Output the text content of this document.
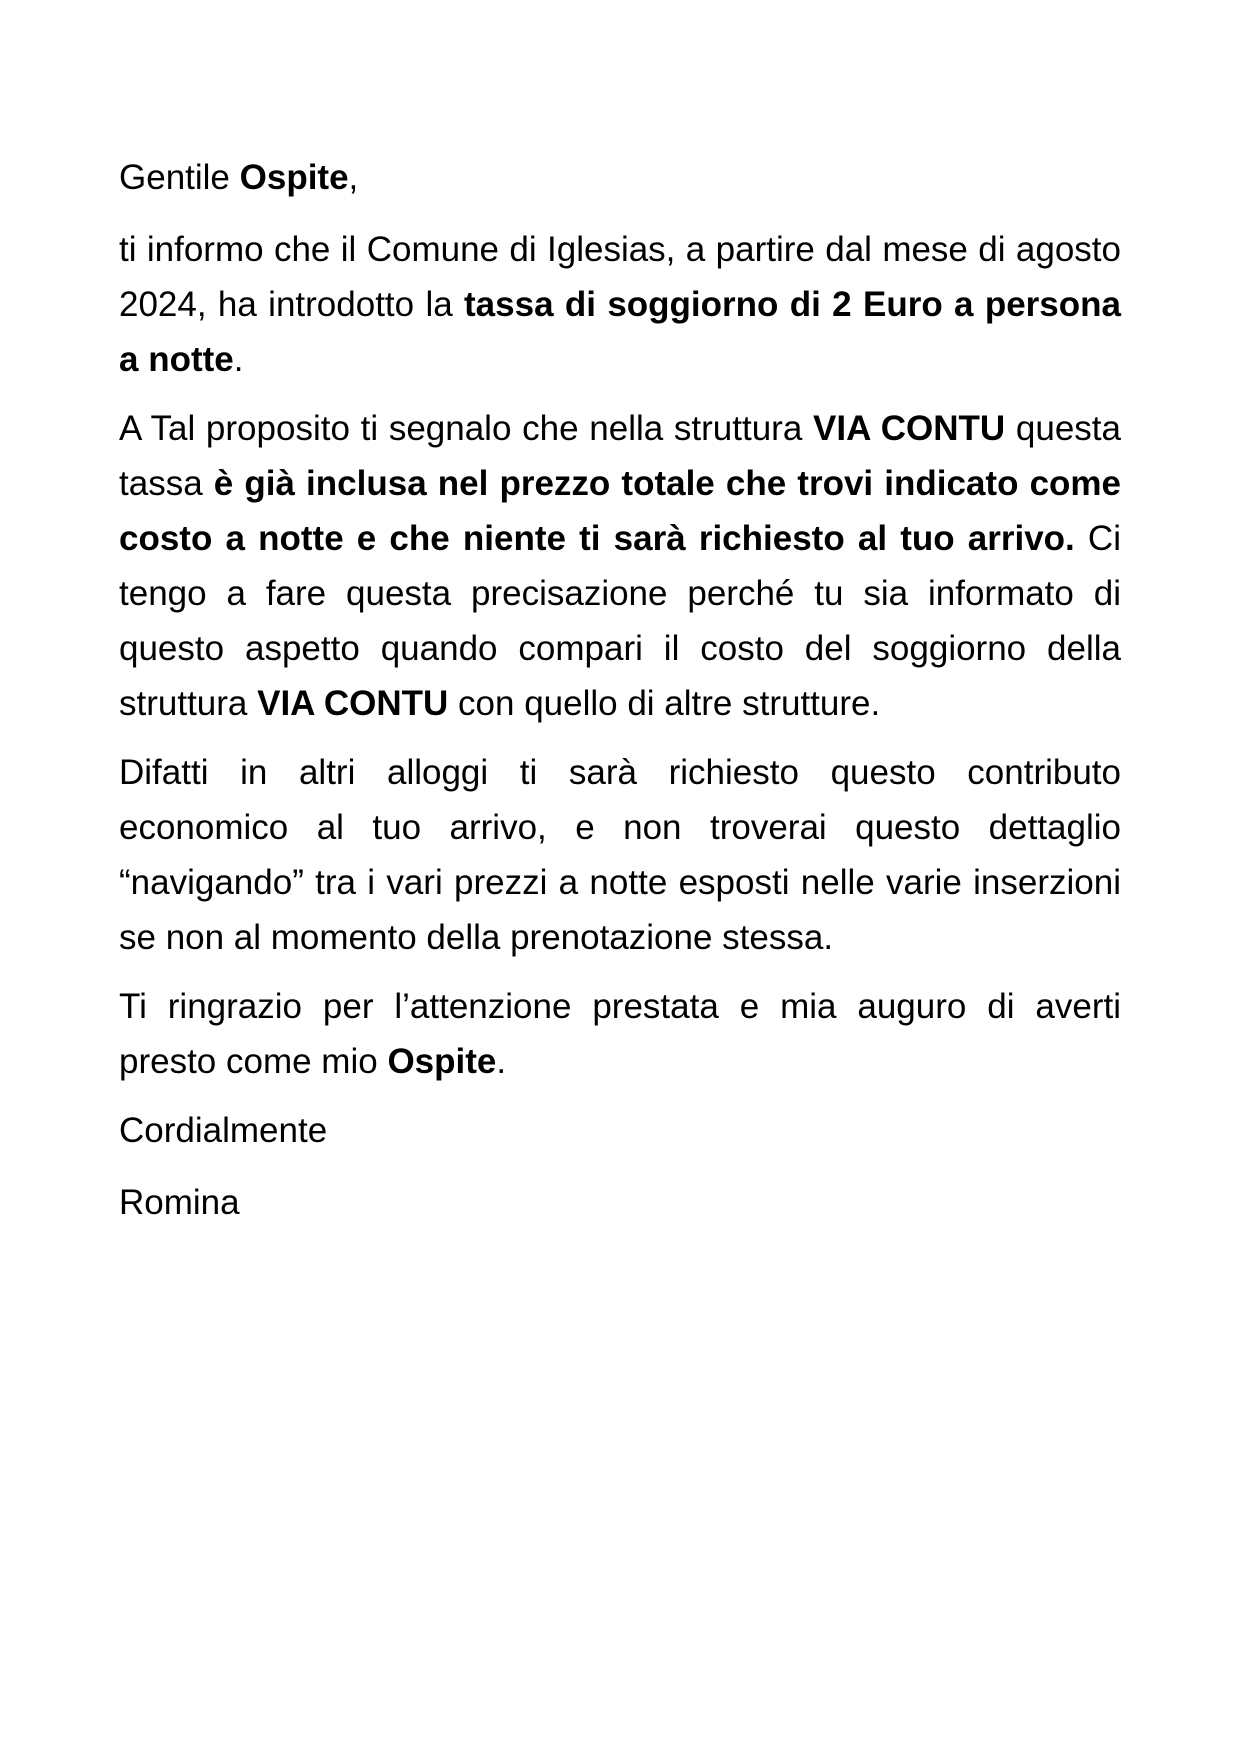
Gentile Ospite,

ti informo che il Comune di Iglesias, a partire dal mese di agosto 2024, ha introdotto la tassa di soggiorno di 2 Euro a persona a notte.

A Tal proposito ti segnalo che nella struttura VIA CONTU questa tassa è già inclusa nel prezzo totale che trovi indicato come costo a notte e che niente ti sarà richiesto al tuo arrivo. Ci tengo a fare questa precisazione perché tu sia informato di questo aspetto quando compari il costo del soggiorno della struttura VIA CONTU con quello di altre strutture.

Difatti in altri alloggi ti sarà richiesto questo contributo economico al tuo arrivo, e non troverai questo dettaglio “navigando” tra i vari prezzi a notte esposti nelle varie inserzioni se non al momento della prenotazione stessa.

Ti ringrazio per l’attenzione prestata e mia auguro di averti presto come mio Ospite.

Cordialmente

Romina
